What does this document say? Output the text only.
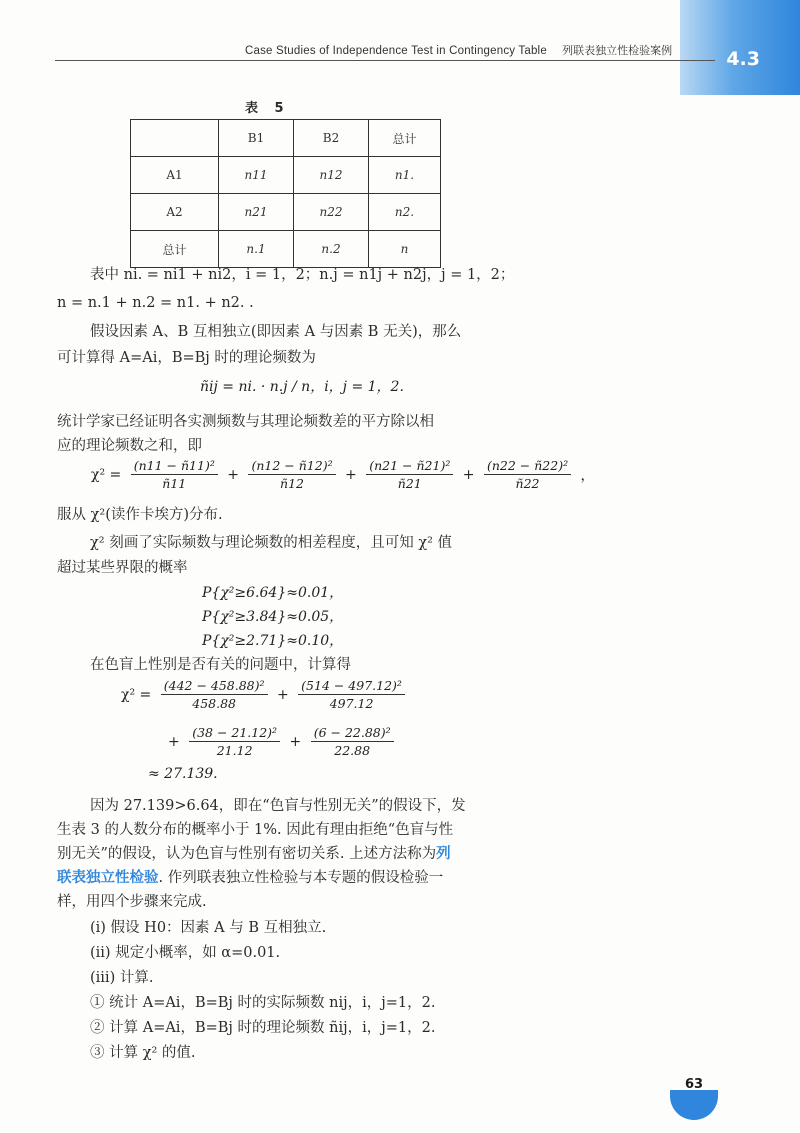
4.3
Case Studies of Independence Test in Contingency Table 列联表独立性检验案例
表 5
	B1	B2	总计
A1	n11	n12	n1.
A2	n21	n22	n2.
总计	n.1	n.2	n
表中 ni. = ni1 + ni2，i = 1，2；n.j = n1j + n2j，j = 1，2；
n = n.1 + n.2 = n1. + n2. .
假设因素 A、B 互相独立(即因素 A 与因素 B 无关)，那么
可计算得 A=Ai，B=Bj 时的理论频数为
ñij = ni. · n.j / n，i，j = 1，2.
统计学家已经证明各实测频数与其理论频数差的平方除以相
应的理论频数之和，即
$\chi^2 = \frac{\text{(n11 − ñ11)²}}{ñ11} + \frac{\text{(n12 − ñ12)²}}{ñ12} + \frac{\text{(n21 − ñ21)²}}{ñ21} + \frac{\text{(n22 − ñ22)²}}{ñ22}$ ，
服从 χ²(读作卡埃方)分布.
χ² 刻画了实际频数与理论频数的相差程度，且可知 χ² 值
超过某些界限的概率
P{χ²≥6.64}≈0.01，
P{χ²≥3.84}≈0.05，
P{χ²≥2.71}≈0.10，
在色盲上性别是否有关的问题中，计算得
$\chi^2 = \frac{\text{(442 − 458.88)²}}{458.88} + \frac{\text{(514 − 497.12)²}}{497.12}$
+ $\frac{\text{(38 − 21.12)²}}{21.12} + \frac{\text{(6 − 22.88)²}}{22.88}$
≈ 27.139.
因为 27.139>6.64，即在“色盲与性别无关”的假设下，发
生表 3 的人数分布的概率小于 1%. 因此有理由拒绝“色盲与性
别无关”的假设，认为色盲与性别有密切关系. 上述方法称为列
联表独立性检验. 作列联表独立性检验与本专题的假设检验一
样，用四个步骤来完成.
(ⅰ) 假设 H0：因素 A 与 B 互相独立.
(ⅱ) 规定小概率，如 α=0.01.
(ⅲ) 计算.
① 统计 A=Ai，B=Bj 时的实际频数 nij，i，j=1，2.
② 计算 A=Ai，B=Bj 时的理论频数 ñij，i，j=1，2.
③ 计算 χ² 的值.
63
